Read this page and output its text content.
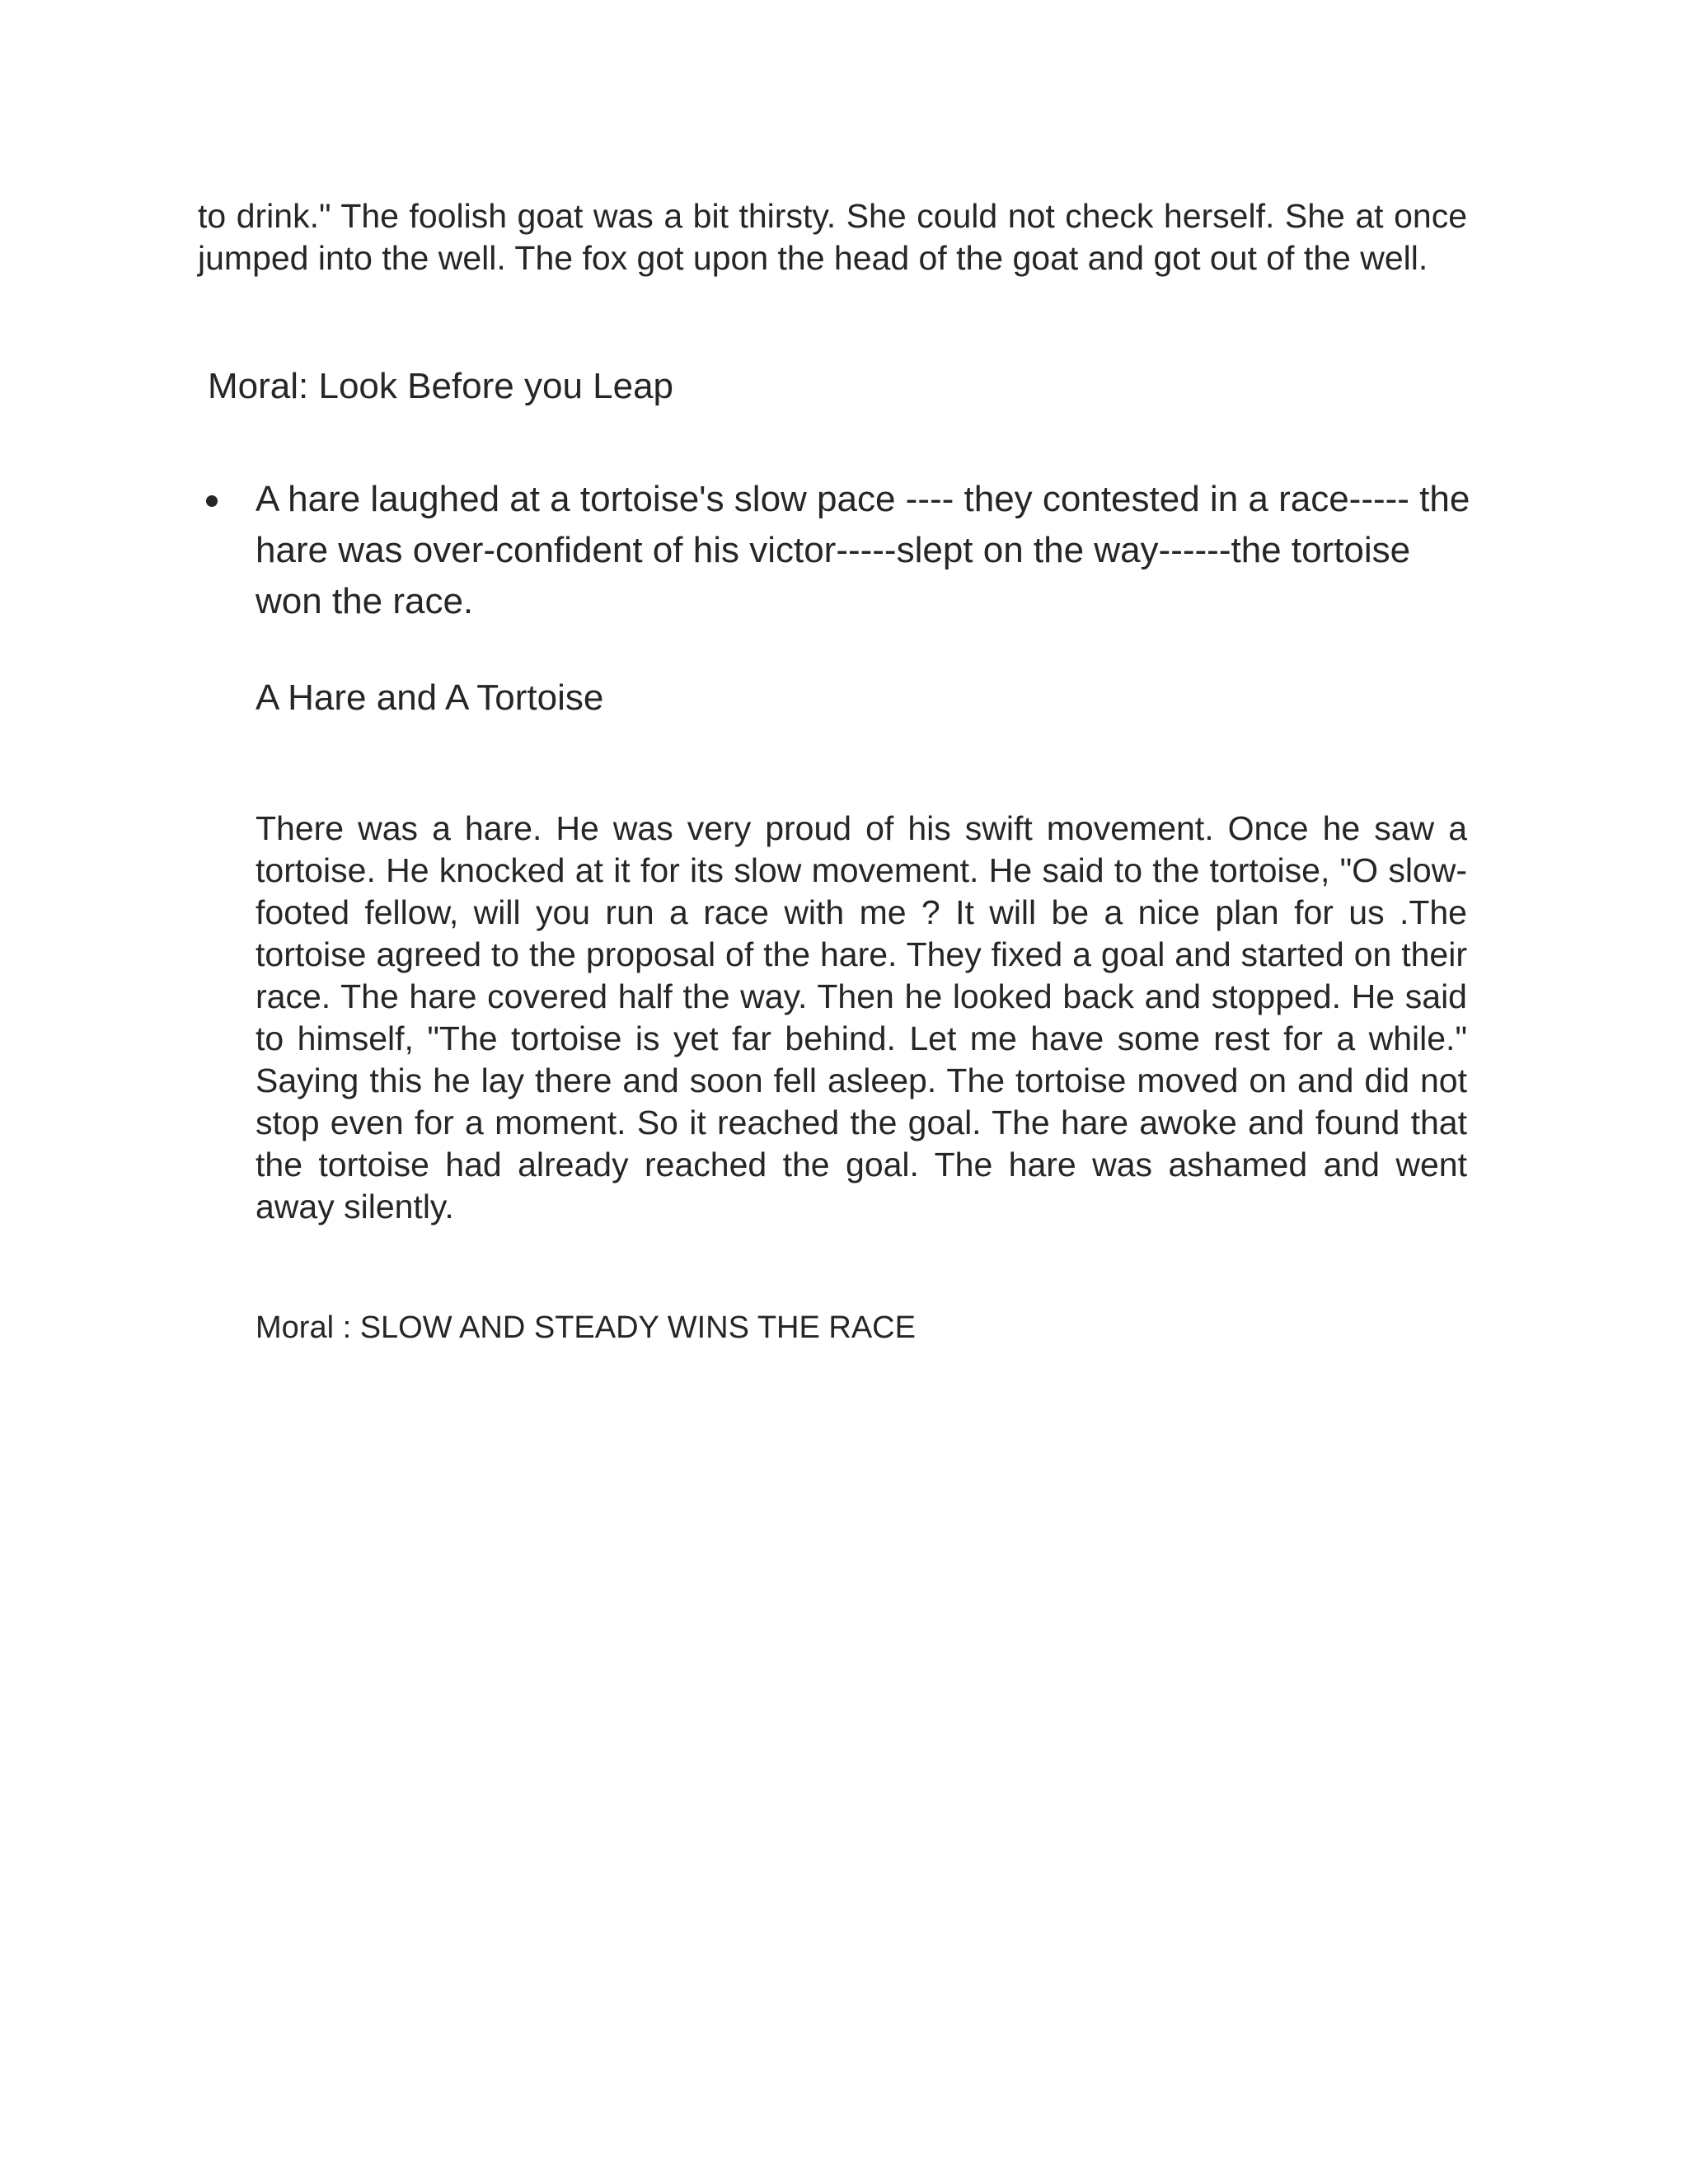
to drink." The foolish goat was a bit thirsty. She could not check herself. She at once jumped into the well. The fox got upon the head of the goat and got out of the well.

Moral: Look Before you Leap

A hare laughed at a tortoise's slow pace ---- they contested in a race----- the hare was over-confident of his victor-----slept on the way------the tortoise won the race.

A Hare and A Tortoise

There was a hare. He was very proud of his swift movement. Once he saw a tortoise. He knocked at it for its slow movement. He said to the tortoise, "O slow-footed fellow, will you run a race with me ? It will be a nice plan for us .The tortoise agreed to the proposal of the hare. They fixed a goal and started on their race. The hare covered half the way. Then he looked back and stopped. He said to himself, "The tortoise is yet far behind. Let me have some rest for a while." Saying this he lay there and soon fell asleep. The tortoise moved on and did not stop even for a moment. So it reached the goal. The hare awoke and found that the tortoise had already reached the goal. The hare was ashamed and went away silently.

Moral : SLOW AND STEADY WINS THE RACE
